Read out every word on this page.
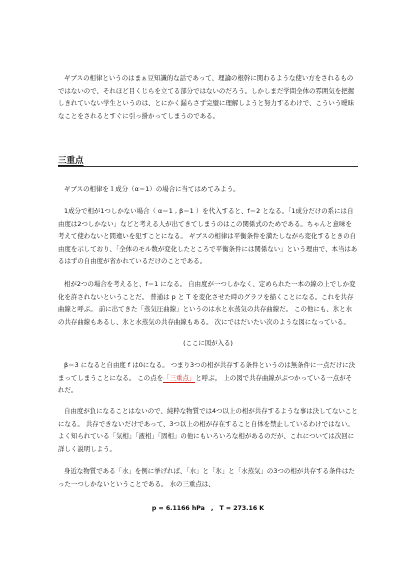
ギブスの相律というのはまぁ豆知識的な話であって、理論の根幹に関わるような使い方をされるものではないので、それほど目くじらを立てる部分ではないのだろう。しかしまだ学問全体の雰囲気を把握しきれていない学生というのは、とにかく漏らさず完璧に理解しようと努力するわけで、こういう曖昧なことをされるとすぐに引っ掛かってしまうのである。

三重点

ギブスの相律を１成分（α＝1）の場合に当てはめてみよう。

1成分で相が1つしかない場合（ α＝1 , β＝1 ）を代入すると、f＝2 となる。「1成分だけの系には自由度は2つしかない」などと考える人が出てきてしまうのはこの関係式のためである。ちゃんと意味を考えて使わないと間違いを犯すことになる。 ギブスの相律は平衡条件を満たしながら変化するときの自由度を示しており、「全体のモル数が変化したところで平衡条件には関係ない」という理由で、本当はあるはずの自由度が省かれているだけのことである。

相が2つの場合を考えると、f＝1 になる。 自由度が一つしかなく、定められた一本の線の上でしか変化を許されないということだ。 普通は p と T を変化させた時のグラフを描くことになる。これを共存曲線と呼ぶ。 前に出てきた「蒸気圧曲線」というのは水と水蒸気の共存曲線だ。 この他にも、氷と水の共存曲線もあるし、氷と水蒸気の共存曲線もある。 次にではだいたい次のような図になっている。

(ここに図が入る)

β＝3 になると自由度 f は0になる。 つまり3つの相が共存する条件というのは無条件に一点だけに決まってしまうことになる。 この点を「三重点」と呼ぶ。 上の図で共存曲線がぶつかっている一点がそれだ。

自由度が負になることはないので、純粋な物質では4つ以上の相が共存するような事は決してないことになる。 共存できないだけであって、3つ以上の相が存在すること自体を禁止しているわけではない。 よく知られている「気相」「液相」「固相」の他にもいろいろな相があるのだが、これについては次回に詳しく説明しよう。

身近な物質である「水」を例に挙げれば、「水」と「氷」と「水蒸気」の3つの相が共存する条件はたった一つしかないということである。 水の三重点は、

p = 6.1166 hPa　,　T = 273.16 K
